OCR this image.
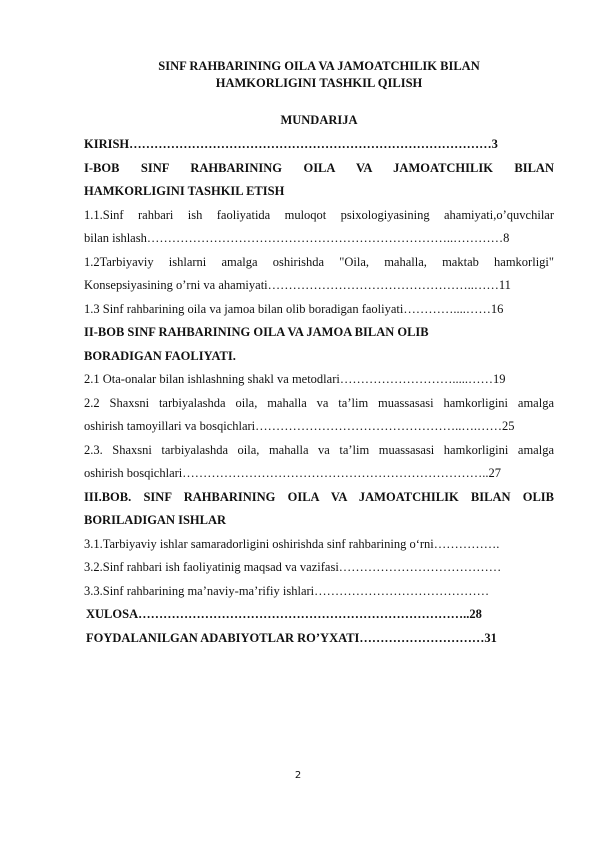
SINF RAHBARINING OILA VA JAMOATCHILIK BILAN
HAMKORLIGINI TASHKIL QILISH
MUNDARIJA
KIRISH……………………………………………………………………………3
I-BOB SINF RAHBARINING OILA VA JAMOATCHILIK BILAN
HAMKORLIGINI TASHKIL ETISH
1.1.Sinf rahbari ish faoliyatida muloqot psixologiyasining ahamiyati,o’quvchilar
bilan ishlash………………………………………………………………..…………8
1.2Tarbiyaviy ishlarni amalga oshirishda "Oila, mahalla, maktab hamkorligi"
Konsepsiyasining o’rni va ahamiyati…………………………………………..……11
1.3 Sinf rahbarining oila va jamoa bilan olib boradigan faoliyati…………....……16
II-BOB SINF RAHBARINING OILA VA JAMOA BILAN OLIB
BORADIGAN FAOLIYATI.
2.1 Ota-onalar bilan ishlashning shakl va metodlari……………………….....……19
2.2 Shaxsni tarbiyalashda oila, mahalla va ta’lim muassasasi hamkorligini amalga
oshirish tamoyillari va bosqichlari…………………………………………..….……25
2.3. Shaxsni tarbiyalashda oila, mahalla va ta’lim muassasasi hamkorligini amalga
oshirish bosqichlari………………………………………………………………..27
III.BOB. SINF RAHBARINING OILA VA JAMOATCHILIK BILAN OLIB
BORILADIGAN ISHLAR
3.1.Tarbiyaviy ishlar samaradorligini oshirishda sinf rahbarining o‘rni…………….
3.2.Sinf rahbari ish faoliyatinig maqsad va vazifasi…………………………………
3.3.Sinf rahbarining ma’naviy-ma’rifiy ishlari……………………………………
XULOSA……………………………………………………………………..28
FOYDALANILGAN ADABIYOTLAR RO’YXATI…………………………31
2
